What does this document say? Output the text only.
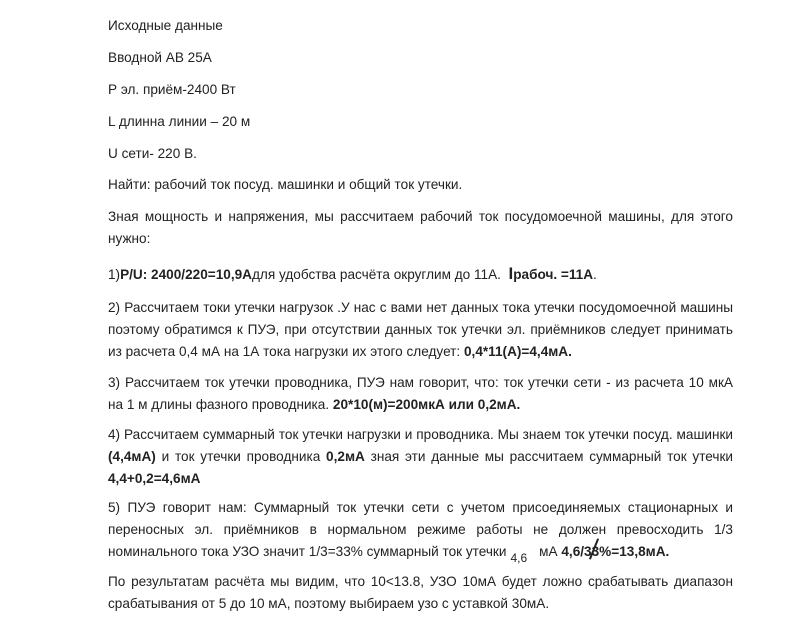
Исходные данные
Вводной АВ 25А
Р эл. приём-2400 Вт
L длинна линии – 20 м
U сети- 220 В.
Найти: рабочий ток посуд. машинки и общий ток утечки.
Зная мощность и напряжения, мы рассчитаем рабочий ток посудомоечной машины, для этого нужно:
1)P/U: 2400/220=10,9Адля удобства расчёта округлим до 11А. Iрабоч. =11А.
2) Рассчитаем токи утечки нагрузок .У нас с вами нет данных тока утечки посудомоечной машины поэтому обратимся к ПУЭ, при отсутствии данных ток утечки эл. приёмников следует принимать из расчета 0,4 мА на 1А тока нагрузки их этого следует: 0,4*11(А)=4,4мА.
3) Рассчитаем ток утечки проводника, ПУЭ нам говорит, что: ток утечки сети - из расчета 10 мкА на 1 м длины фазного проводника. 20*10(м)=200мкА или 0,2мА.
4) Рассчитаем суммарный ток утечки нагрузки и проводника. Мы знаем ток утечки посуд. машинки (4,4мА) и ток утечки проводника 0,2мА зная эти данные мы рассчитаем суммарный ток утечки 4,4+0,2=4,6мА
5) ПУЭ говорит нам: Суммарный ток утечки сети с учетом присоединяемых стационарных и переносных эл. приёмников в нормальном режиме работы не должен превосходить 1/3 номинального тока УЗО значит 1/3=33% суммарный ток утечки 4,6 мА 4,6/33%=13,8мА.
По результатам расчёта мы видим, что 10<13.8, УЗО 10мА будет ложно срабатывать диапазон срабатывания от 5 до 10 мА, поэтому выбираем узо с уставкой 30мА.
